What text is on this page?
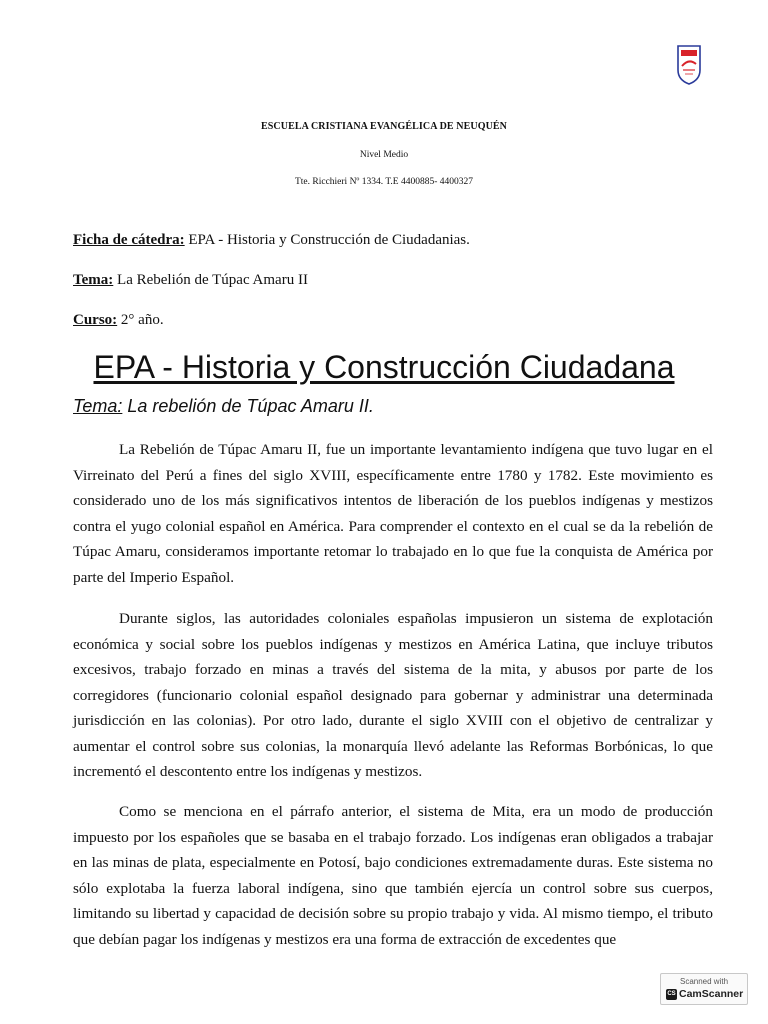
ESCUELA CRISTIANA EVANGÉLICA DE NEUQUÉN
Nivel Medio
Tte. Ricchieri Nº 1334. T.E 4400885- 4400327
Ficha de cátedra: EPA - Historia y Construcción de Ciudadanias.
Tema: La Rebelión de Túpac Amaru II
Curso: 2° año.
EPA - Historia y Construcción Ciudadana
Tema: La rebelión de Túpac Amaru II.

La Rebelión de Túpac Amaru II, fue un importante levantamiento indígena que tuvo lugar en el Virreinato del Perú a fines del siglo XVIII, específicamente entre 1780 y 1782. Este movimiento es considerado uno de los más significativos intentos de liberación de los pueblos indígenas y mestizos contra el yugo colonial español en América. Para comprender el contexto en el cual se da la rebelión de Túpac Amaru, consideramos importante retomar lo trabajado en lo que fue la conquista de América por parte del Imperio Español.

Durante siglos, las autoridades coloniales españolas impusieron un sistema de explotación económica y social sobre los pueblos indígenas y mestizos en América Latina, que incluye tributos excesivos, trabajo forzado en minas a través del sistema de la mita, y abusos por parte de los corregidores (funcionario colonial español designado para gobernar y administrar una determinada jurisdicción en las colonias). Por otro lado, durante el siglo XVIII con el objetivo de centralizar y aumentar el control sobre sus colonias, la monarquía llevó adelante las Reformas Borbónicas, lo que incrementó el descontento entre los indígenas y mestizos.

Como se menciona en el párrafo anterior, el sistema de Mita, era un modo de producción impuesto por los españoles que se basaba en el trabajo forzado. Los indígenas eran obligados a trabajar en las minas de plata, especialmente en Potosí, bajo condiciones extremadamente duras. Este sistema no sólo explotaba la fuerza laboral indígena, sino que también ejercía un control sobre sus cuerpos, limitando su libertad y capacidad de decisión sobre su propio trabajo y vida. Al mismo tiempo, el tributo que debían pagar los indígenas y mestizos era una forma de extracción de excedentes que

Scanned with
CS CamScanner
